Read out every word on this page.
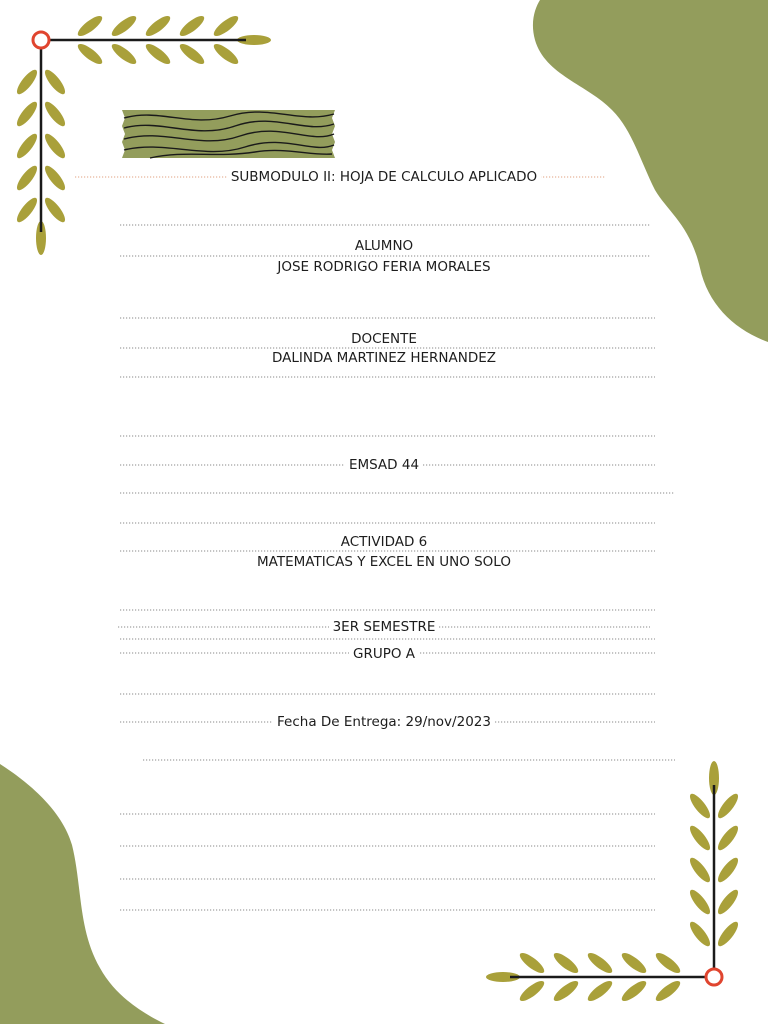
SUBMODULO II: HOJA DE CALCULO APLICADO
ALUMNO
JOSE RODRIGO FERIA MORALES
DOCENTE
DALINDA MARTINEZ HERNANDEZ
EMSAD 44
ACTIVIDAD 6
MATEMATICAS Y EXCEL EN UNO SOLO
3ER SEMESTRE
GRUPO A
Fecha De Entrega: 29/nov/2023
